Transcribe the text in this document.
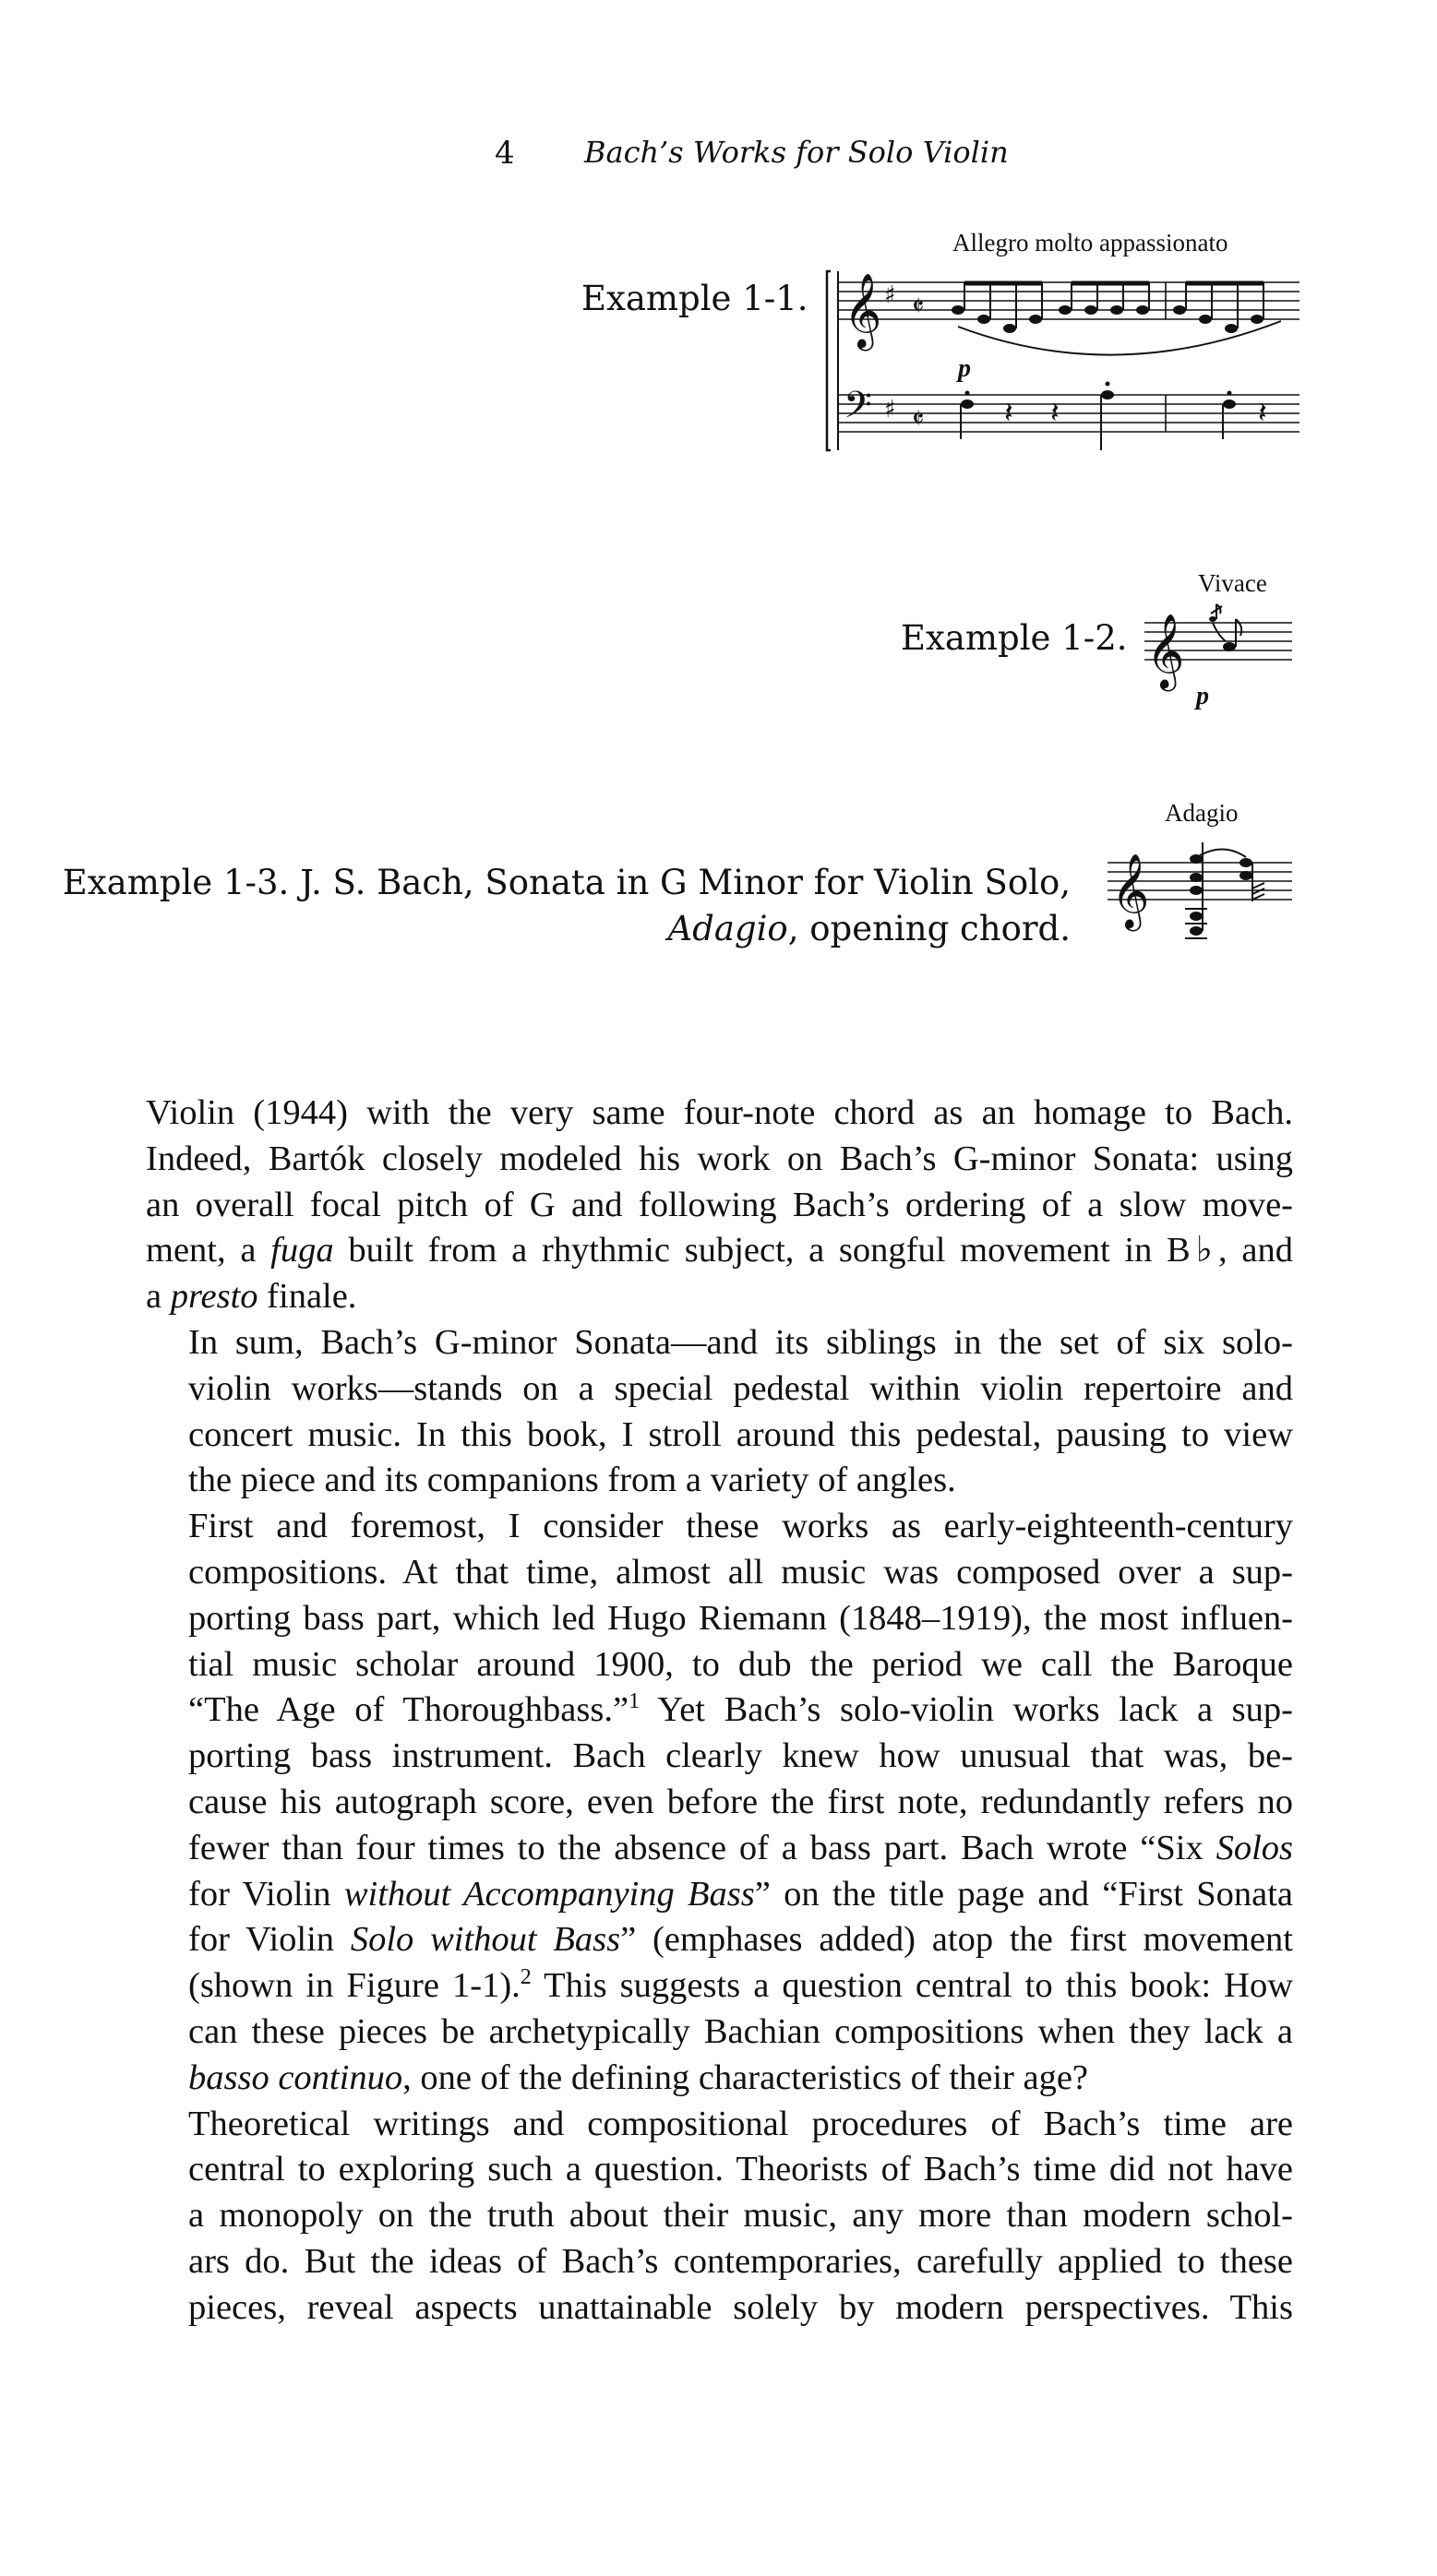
4 Bach’s Works for Solo Violin
Example 1-1.
Allegro molto appassionato
𝄞 ♯ 𝄵
𝄢 ♯ 𝄵
p
𝄽 𝄽	𝄽
Example 1-2.
Vivace
𝄞
p
Example 1-3. J. S. Bach, Sonata in G Minor for Violin Solo,
Adagio, opening chord.
Adagio
𝄞

Violin (1944) with the very same four-note chord as an homage to Bach.
Indeed, Bartók closely modeled his work on Bach’s G-minor Sonata: using
an overall focal pitch of G and following Bach’s ordering of a slow move-
ment, a fuga built from a rhythmic subject, a songful movement in B♭, and
a presto finale.

In sum, Bach’s G-minor Sonata—and its siblings in the set of six solo-
violin works—stands on a special pedestal within violin repertoire and
concert music. In this book, I stroll around this pedestal, pausing to view
the piece and its companions from a variety of angles.

First and foremost, I consider these works as early-eighteenth-century
compositions. At that time, almost all music was composed over a sup-
porting bass part, which led Hugo Riemann (1848–1919), the most influen-
tial music scholar around 1900, to dub the period we call the Baroque
“The Age of Thoroughbass.”$^1$ Yet Bach’s solo-violin works lack a sup-
porting bass instrument. Bach clearly knew how unusual that was, be-
cause his autograph score, even before the first note, redundantly refers no
fewer than four times to the absence of a bass part. Bach wrote “Six Solos
for Violin without Accompanying Bass” on the title page and “First Sonata
for Violin Solo without Bass” (emphases added) atop the first movement
(shown in Figure 1-1).$^2$ This suggests a question central to this book: How
can these pieces be archetypically Bachian compositions when they lack a
basso continuo, one of the defining characteristics of their age?

Theoretical writings and compositional procedures of Bach’s time are
central to exploring such a question. Theorists of Bach’s time did not have
a monopoly on the truth about their music, any more than modern schol-
ars do. But the ideas of Bach’s contemporaries, carefully applied to these
pieces, reveal aspects unattainable solely by modern perspectives. This
